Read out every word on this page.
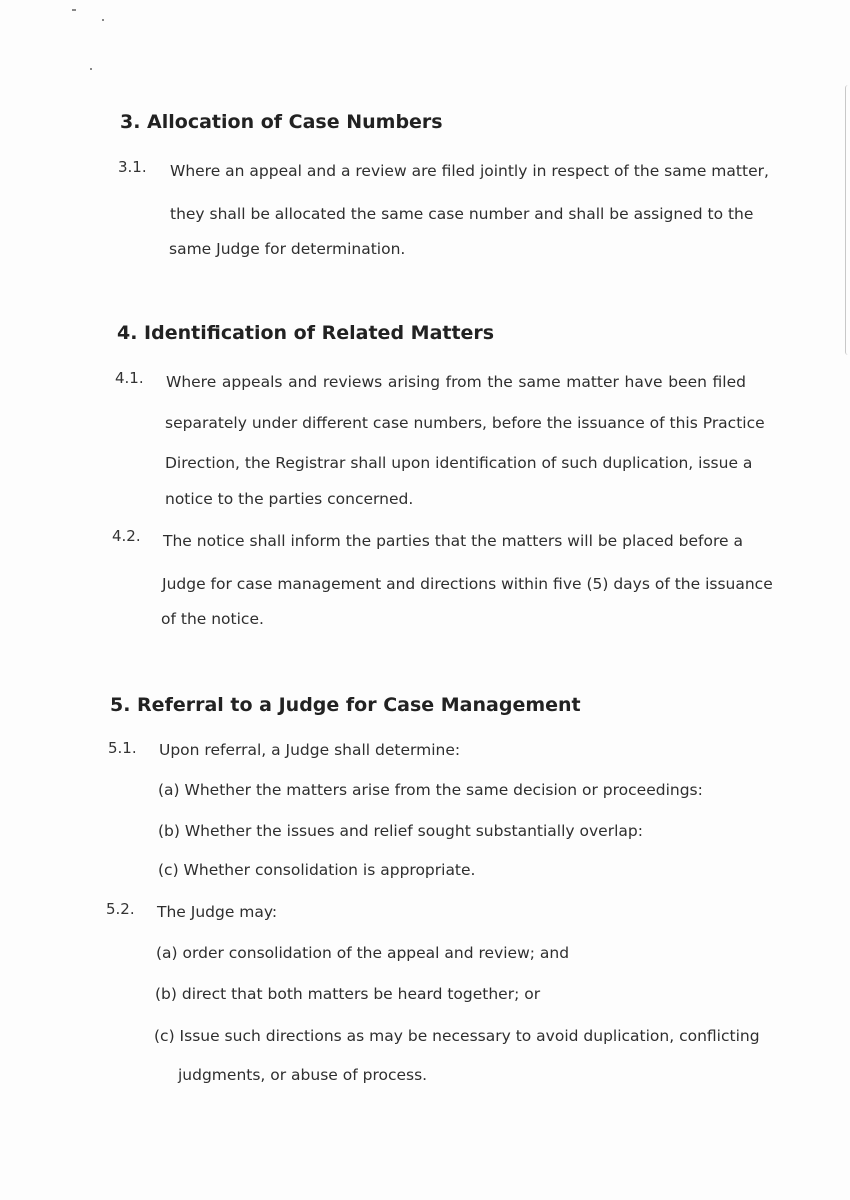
3. Allocation of Case Numbers
3.1. Where an appeal and a review are filed jointly in respect of the same matter,
they shall be allocated the same case number and shall be assigned to the
same Judge for determination.
4. Identification of Related Matters
4.1. Where appeals and reviews arising from the same matter have been filed
separately under different case numbers, before the issuance of this Practice
Direction, the Registrar shall upon identification of such duplication, issue a
notice to the parties concerned.
4.2. The notice shall inform the parties that the matters will be placed before a
Judge for case management and directions within five (5) days of the issuance
of the notice.
5. Referral to a Judge for Case Management
5.1. Upon referral, a Judge shall determine:
(a) Whether the matters arise from the same decision or proceedings:
(b) Whether the issues and relief sought substantially overlap:
(c) Whether consolidation is appropriate.
5.2. The Judge may:
(a) order consolidation of the appeal and review; and
(b) direct that both matters be heard together; or
(c) Issue such directions as may be necessary to avoid duplication, conflicting
judgments, or abuse of process.
